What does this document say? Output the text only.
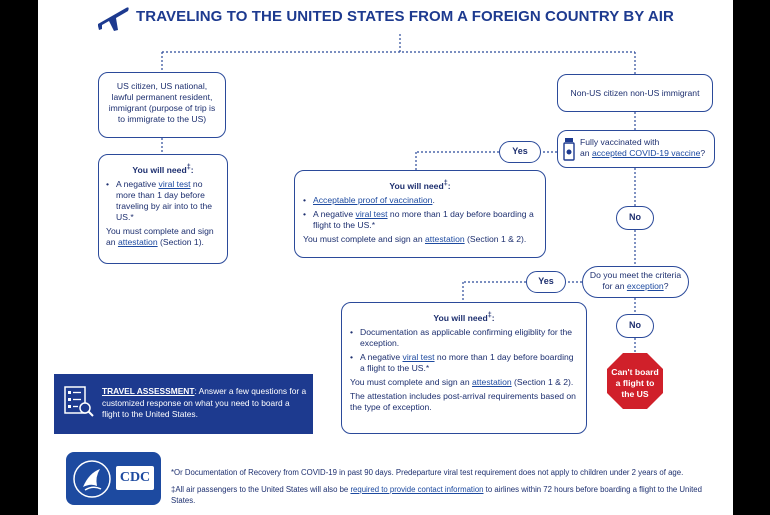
TRAVELING TO THE UNITED STATES FROM A FOREIGN COUNTRY BY AIR
US citizen, US national, lawful permanent resident, immigrant (purpose of trip is to immigrate to the US)
Non-US citizen non-US immigrant
You will need‡:
• A negative viral test no more than 1 day before traveling by air into to the US.*
You must complete and sign an attestation (Section 1).
Fully vaccinated with
an accepted COVID-19 vaccine?
Yes
No
You will need‡:
• Acceptable proof of vaccination.
• A negative viral test no more than 1 day before boarding a flight to the US.*
You must complete and sign an attestation (Section 1 & 2).
Do you meet the criteria
for an exception?
Yes
No
You will need‡:
• Documentation as applicable confirming eligiblity for the exception.
• A negative viral test no more than 1 day before boarding a flight to the US.*
You must complete and sign an attestation (Section 1 & 2).
The attestation includes post-arrival requirements based on the type of exception.
Can't board a flight to the US
TRAVEL ASSESSMENT: Answer a few questions for a customized response on what you need to board a flight to the United States.
CDC	*Or Documentation of Recovery from COVID-19 in past 90 days. Predeparture viral test requirement does not apply to children under 2 years of age.
‡All air passengers to the United States will also be required to provide contact information to airlines within 72 hours before boarding a flight to the United States.
